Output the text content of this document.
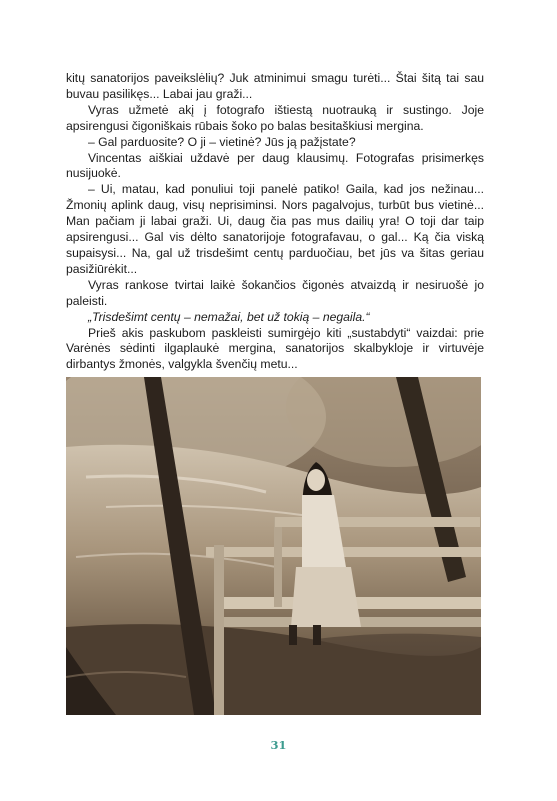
kitų sanatorijos paveikslėlių? Juk atminimui smagu turėti... Štai šitą tai sau buvau pasilikęs... Labai jau graži...

Vyras užmetė akį į fotografo ištiestą nuotrauką ir sustingo. Joje apsirengusi čigoniškais rūbais šoko po balas besitaškiusi mergina.

– Gal parduosite? O ji – vietinė? Jūs ją pažįstate?

Vincentas aiškiai uždavė per daug klausimų. Fotografas prisimerkęs nusijuokė.

– Ui, matau, kad ponuliui toji panelė patiko! Gaila, kad jos nežinau... Žmonių aplink daug, visų neprisiminsi. Nors pagalvojus, turbūt bus vietinė... Man pačiam ji labai graži. Ui, daug čia pas mus dailių yra! O toji dar taip apsirengusi... Gal vis dėlto sanatorijoje fotografavau, o gal... Ką čia viską supaisysi... Na, gal už trisdešimt centų parduočiau, bet jūs va šitas geriau pasižiūrėkit...

Vyras rankose tvirtai laikė šokančios čigonės atvaizdą ir nesiruošė jo paleisti.

„Trisdešimt centų – nemažai, bet už tokią – negaila.“

Prieš akis paskubom paskleisti sumirgėjo kiti „sustabdyti“ vaizdai: prie Varėnės sėdinti ilgaplaukė mergina, sanatorijos skalbykloje ir virtuvėje dirbantys žmonės, valgykla švenčių metu...

31
